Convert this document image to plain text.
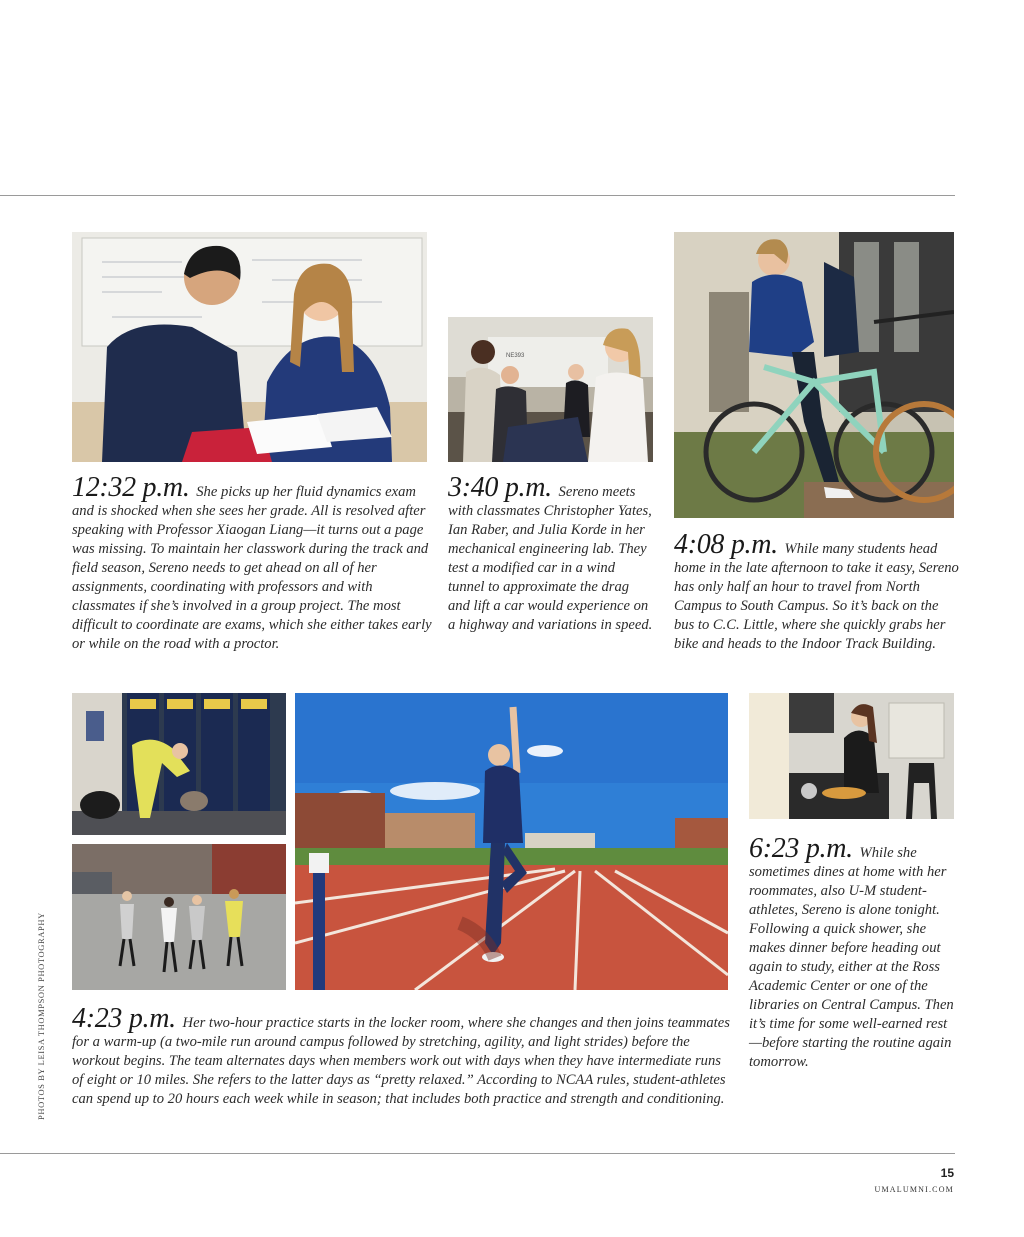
NE393
12:32 p.m. She picks up her fluid dynamics exam and is shocked when she sees her grade. All is resolved after speaking with Professor Xiaogan Liang—it turns out a page was missing. To maintain her classwork during the track and field season, Sereno needs to get ahead on all of her assignments, coordinating with professors and with classmates if she’s involved in a group project. The most difficult to coordinate are exams, which she either takes early or while on the road with a proctor.
3:40 p.m. Sereno meets with classmates Christopher Yates, Ian Raber, and Julia Korde in her mechanical engineering lab. They test a modified car in a wind tunnel to approximate the drag and lift a car would experience on a highway and variations in speed.
4:08 p.m. While many students head home in the late afternoon to take it easy, Sereno has only half an hour to travel from North Campus to South Campus. So it’s back on the bus to C.C. Little, where she quickly grabs her bike and heads to the Indoor Track Building.
4:23 p.m. Her two-hour practice starts in the locker room, where she changes and then joins teammates for a warm-up (a two-mile run around campus followed by stretching, agility, and light strides) before the workout begins. The team alternates days when members work out with days when they have intermediate runs of eight or 10 miles. She refers to the latter days as “pretty relaxed.” According to NCAA rules, student-athletes can spend up to 20 hours each week while in season; that includes both practice and strength and conditioning.
6:23 p.m. While she sometimes dines at home with her roommates, also U-M student-athletes, Sereno is alone tonight. Following a quick shower, she makes dinner before heading out again to study, either at the Ross Academic Center or one of the libraries on Central Campus. Then it’s time for some well-earned rest—before starting the routine again tomorrow.
PHOTOS BY LEISA THOMPSON PHOTOGRAPHY
15
UMALUMNI.COM
